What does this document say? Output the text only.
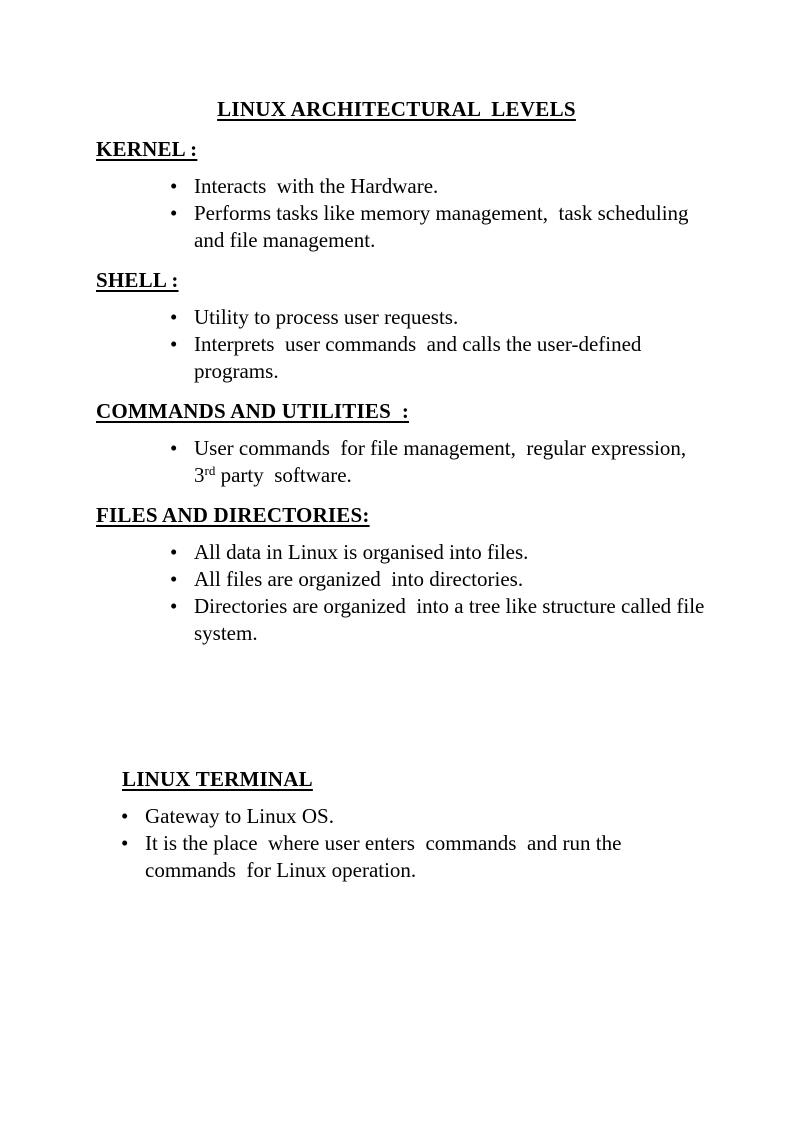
LINUX ARCHITECTURAL  LEVELS
KERNEL :
• Interacts  with the Hardware.
• Performs tasks like memory management,  task scheduling and file management.
SHELL :
• Utility to process user requests.
• Interprets  user commands  and calls the user-defined programs.
COMMANDS AND UTILITIES  :
• User commands  for file management,  regular expression, 3rd party  software.
FILES AND DIRECTORIES:
• All data in Linux is organised into files.
• All files are organized  into directories.
• Directories are organized  into a tree like structure called file system.
LINUX TERMINAL
• Gateway to Linux OS.
• It is the place  where user enters  commands  and run the commands  for Linux operation.
